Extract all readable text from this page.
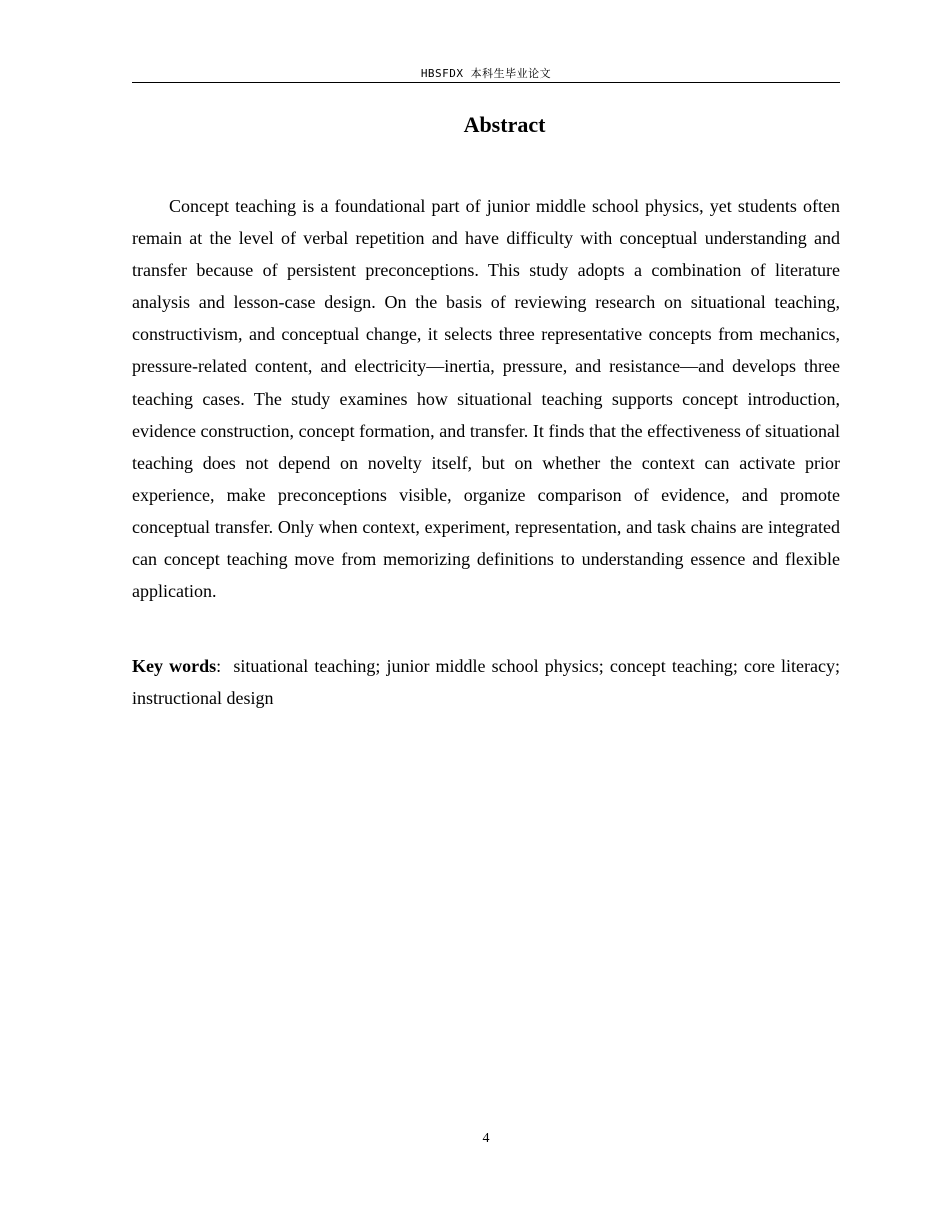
HBSFDX 本科生毕业论文
Abstract

Concept teaching is a foundational part of junior middle school physics, yet students often remain at the level of verbal repetition and have difficulty with conceptual understanding and transfer because of persistent preconceptions. This study adopts a combination of literature analysis and lesson-case design. On the basis of reviewing research on situational teaching, constructivism, and conceptual change, it selects three representative concepts from mechanics, pressure-related content, and electricity—inertia, pressure, and resistance—and develops three teaching cases. The study examines how situational teaching supports concept introduction, evidence construction, concept formation, and transfer. It finds that the effectiveness of situational teaching does not depend on novelty itself, but on whether the context can activate prior experience, make preconceptions visible, organize comparison of evidence, and promote conceptual transfer. Only when context, experiment, representation, and task chains are integrated can concept teaching move from memorizing definitions to understanding essence and flexible application.

Key words: situational teaching; junior middle school physics; concept teaching; core literacy; instructional design

4
